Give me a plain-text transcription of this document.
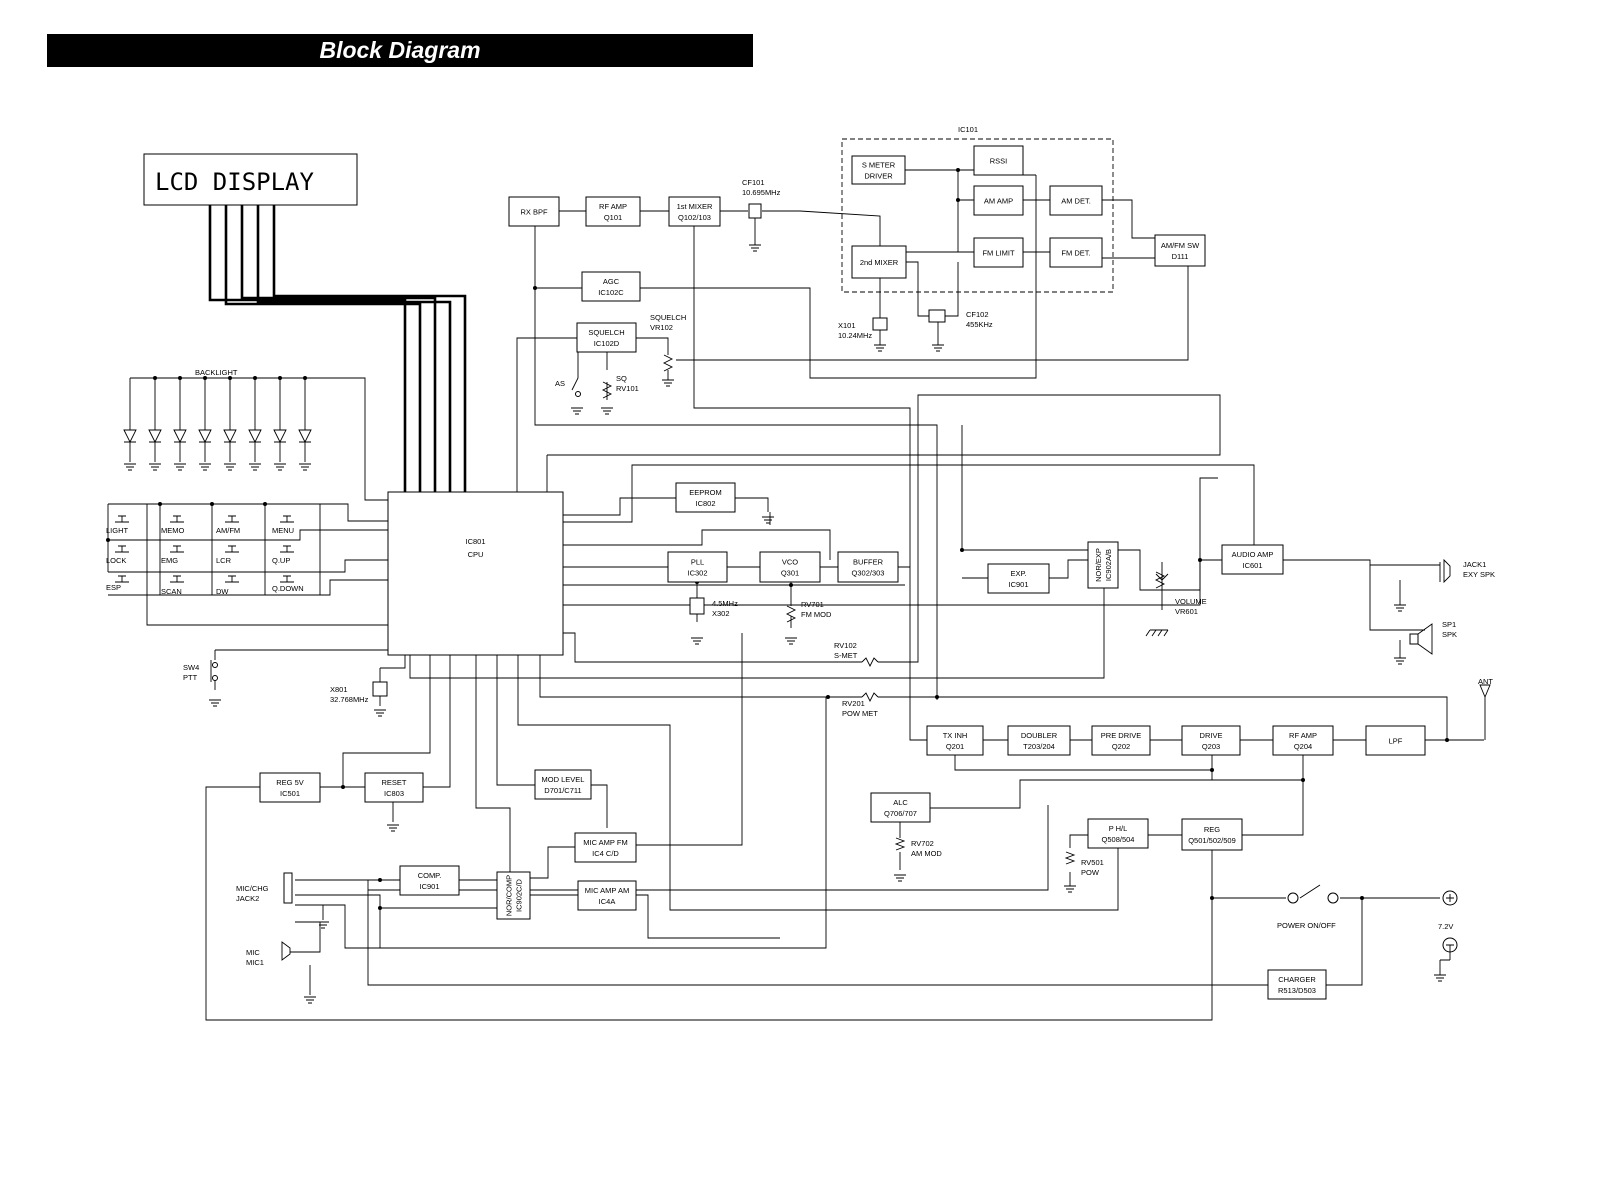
Block Diagram
IC101
LCD DISPLAY
RX BPF
RF AMP
Q101
1st MIXER
Q102/103
S METER
DRIVER
RSSI
AM AMP	AM DET.
2nd MIXER
FM LIMIT	FM DET.
AM/FM SW
D111
AGC
IC102C
SQUELCH
IC102D
IC801
CPU
EEPROM
IC802
PLL
IC302
VCO
Q301
BUFFER
Q302/303	EXP.
IC901
NOR/EXP IC902A/B	AUDIO AMP
IC601
TX INH
Q201
DOUBLER
T203/204
PRE DRIVE
Q202
DRIVE
Q203
RF AMP
Q204
LPF
ALC
Q706/707
P H/L
Q508/504
REG
Q501/502/509
REG 5V
IC501
RESET
IC803
MOD LEVEL
D701/C711
MIC AMP FM
IC4 C/D
MIC AMP AM
IC4A
COMP.
IC901	NOR/COMP IC902C/D
CHARGER
R513/D503
CF101
10.695MHz
X101
10.24MHz
CF102
455KHz
SQUELCH
VR102
AS
SQ
RV101
BACKLIGHT
SW4
PTT
X801
32.768MHz
4.5MHz
X302
RV701
FM MOD
RV102
S-MET
RV201
POW MET
VOLUME
VR601
JACK1
EXY SPK
SP1
SPK
ANT
RV702
AM MOD
RV501
POW
POWER ON/OFF	7.2V
MIC/CHG
JACK2
MIC
MIC1
LIGHT	MEMO	AM/FM	MENU
LOCK	EMG	LCR	Q.UP
ESP	SCAN	DW	Q.DOWN
